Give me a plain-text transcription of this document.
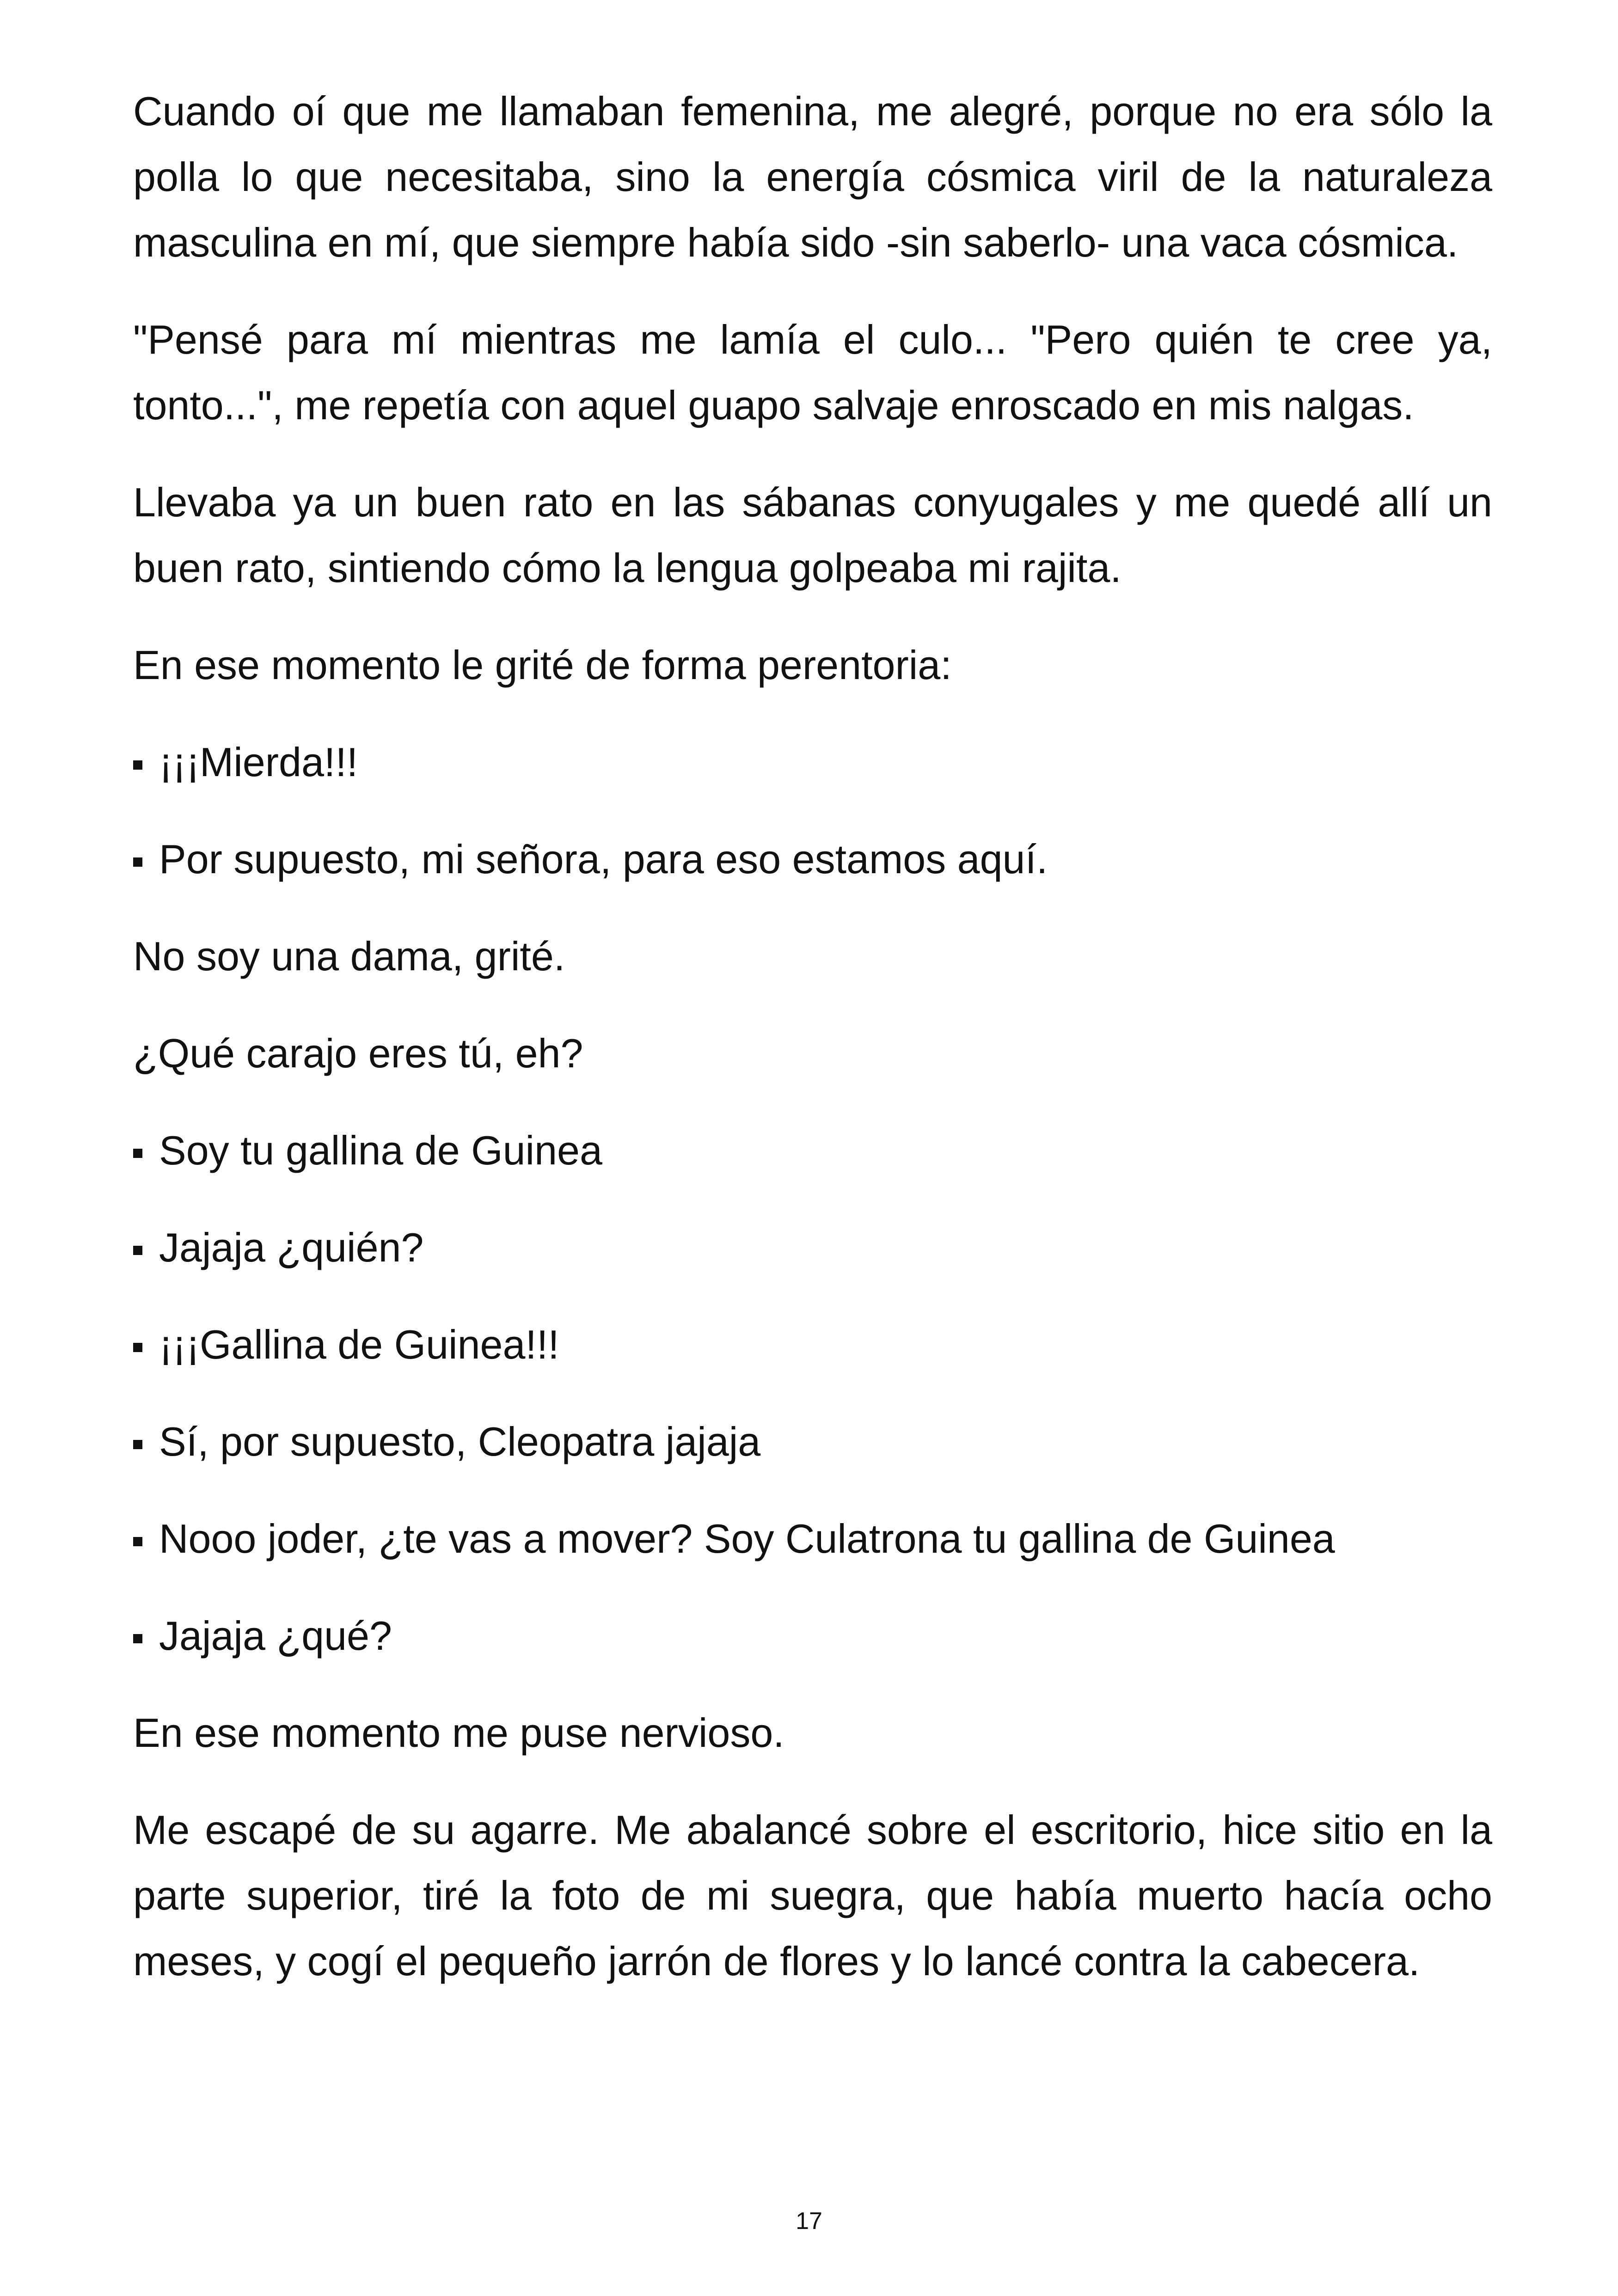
Cuando oí que me llamaban femenina, me alegré, porque no era sólo la polla lo que necesitaba, sino la energía cósmica viril de la naturaleza masculina en mí, que siempre había sido -sin saberlo- una vaca cósmica.

"Pensé para mí mientras me lamía el culo... "Pero quién te cree ya, tonto...", me repetía con aquel guapo salvaje enroscado en mis nalgas.

Llevaba ya un buen rato en las sábanas conyugales y me quedé allí un buen rato, sintiendo cómo la lengua golpeaba mi rajita.

En ese momento le grité de forma perentoria:

¡¡¡Mierda!!!
Por supuesto, mi señora, para eso estamos aquí.

No soy una dama, grité.

¿Qué carajo eres tú, eh?

Soy tu gallina de Guinea
Jajaja ¿quién?
¡¡¡Gallina de Guinea!!!
Sí, por supuesto, Cleopatra jajaja
Nooo joder, ¿te vas a mover? Soy Culatrona tu gallina de Guinea
Jajaja ¿qué?

En ese momento me puse nervioso.

Me escapé de su agarre. Me abalancé sobre el escritorio, hice sitio en la parte superior, tiré la foto de mi suegra, que había muerto hacía ocho meses, y cogí el pequeño jarrón de flores y lo lancé contra la cabecera.

17
